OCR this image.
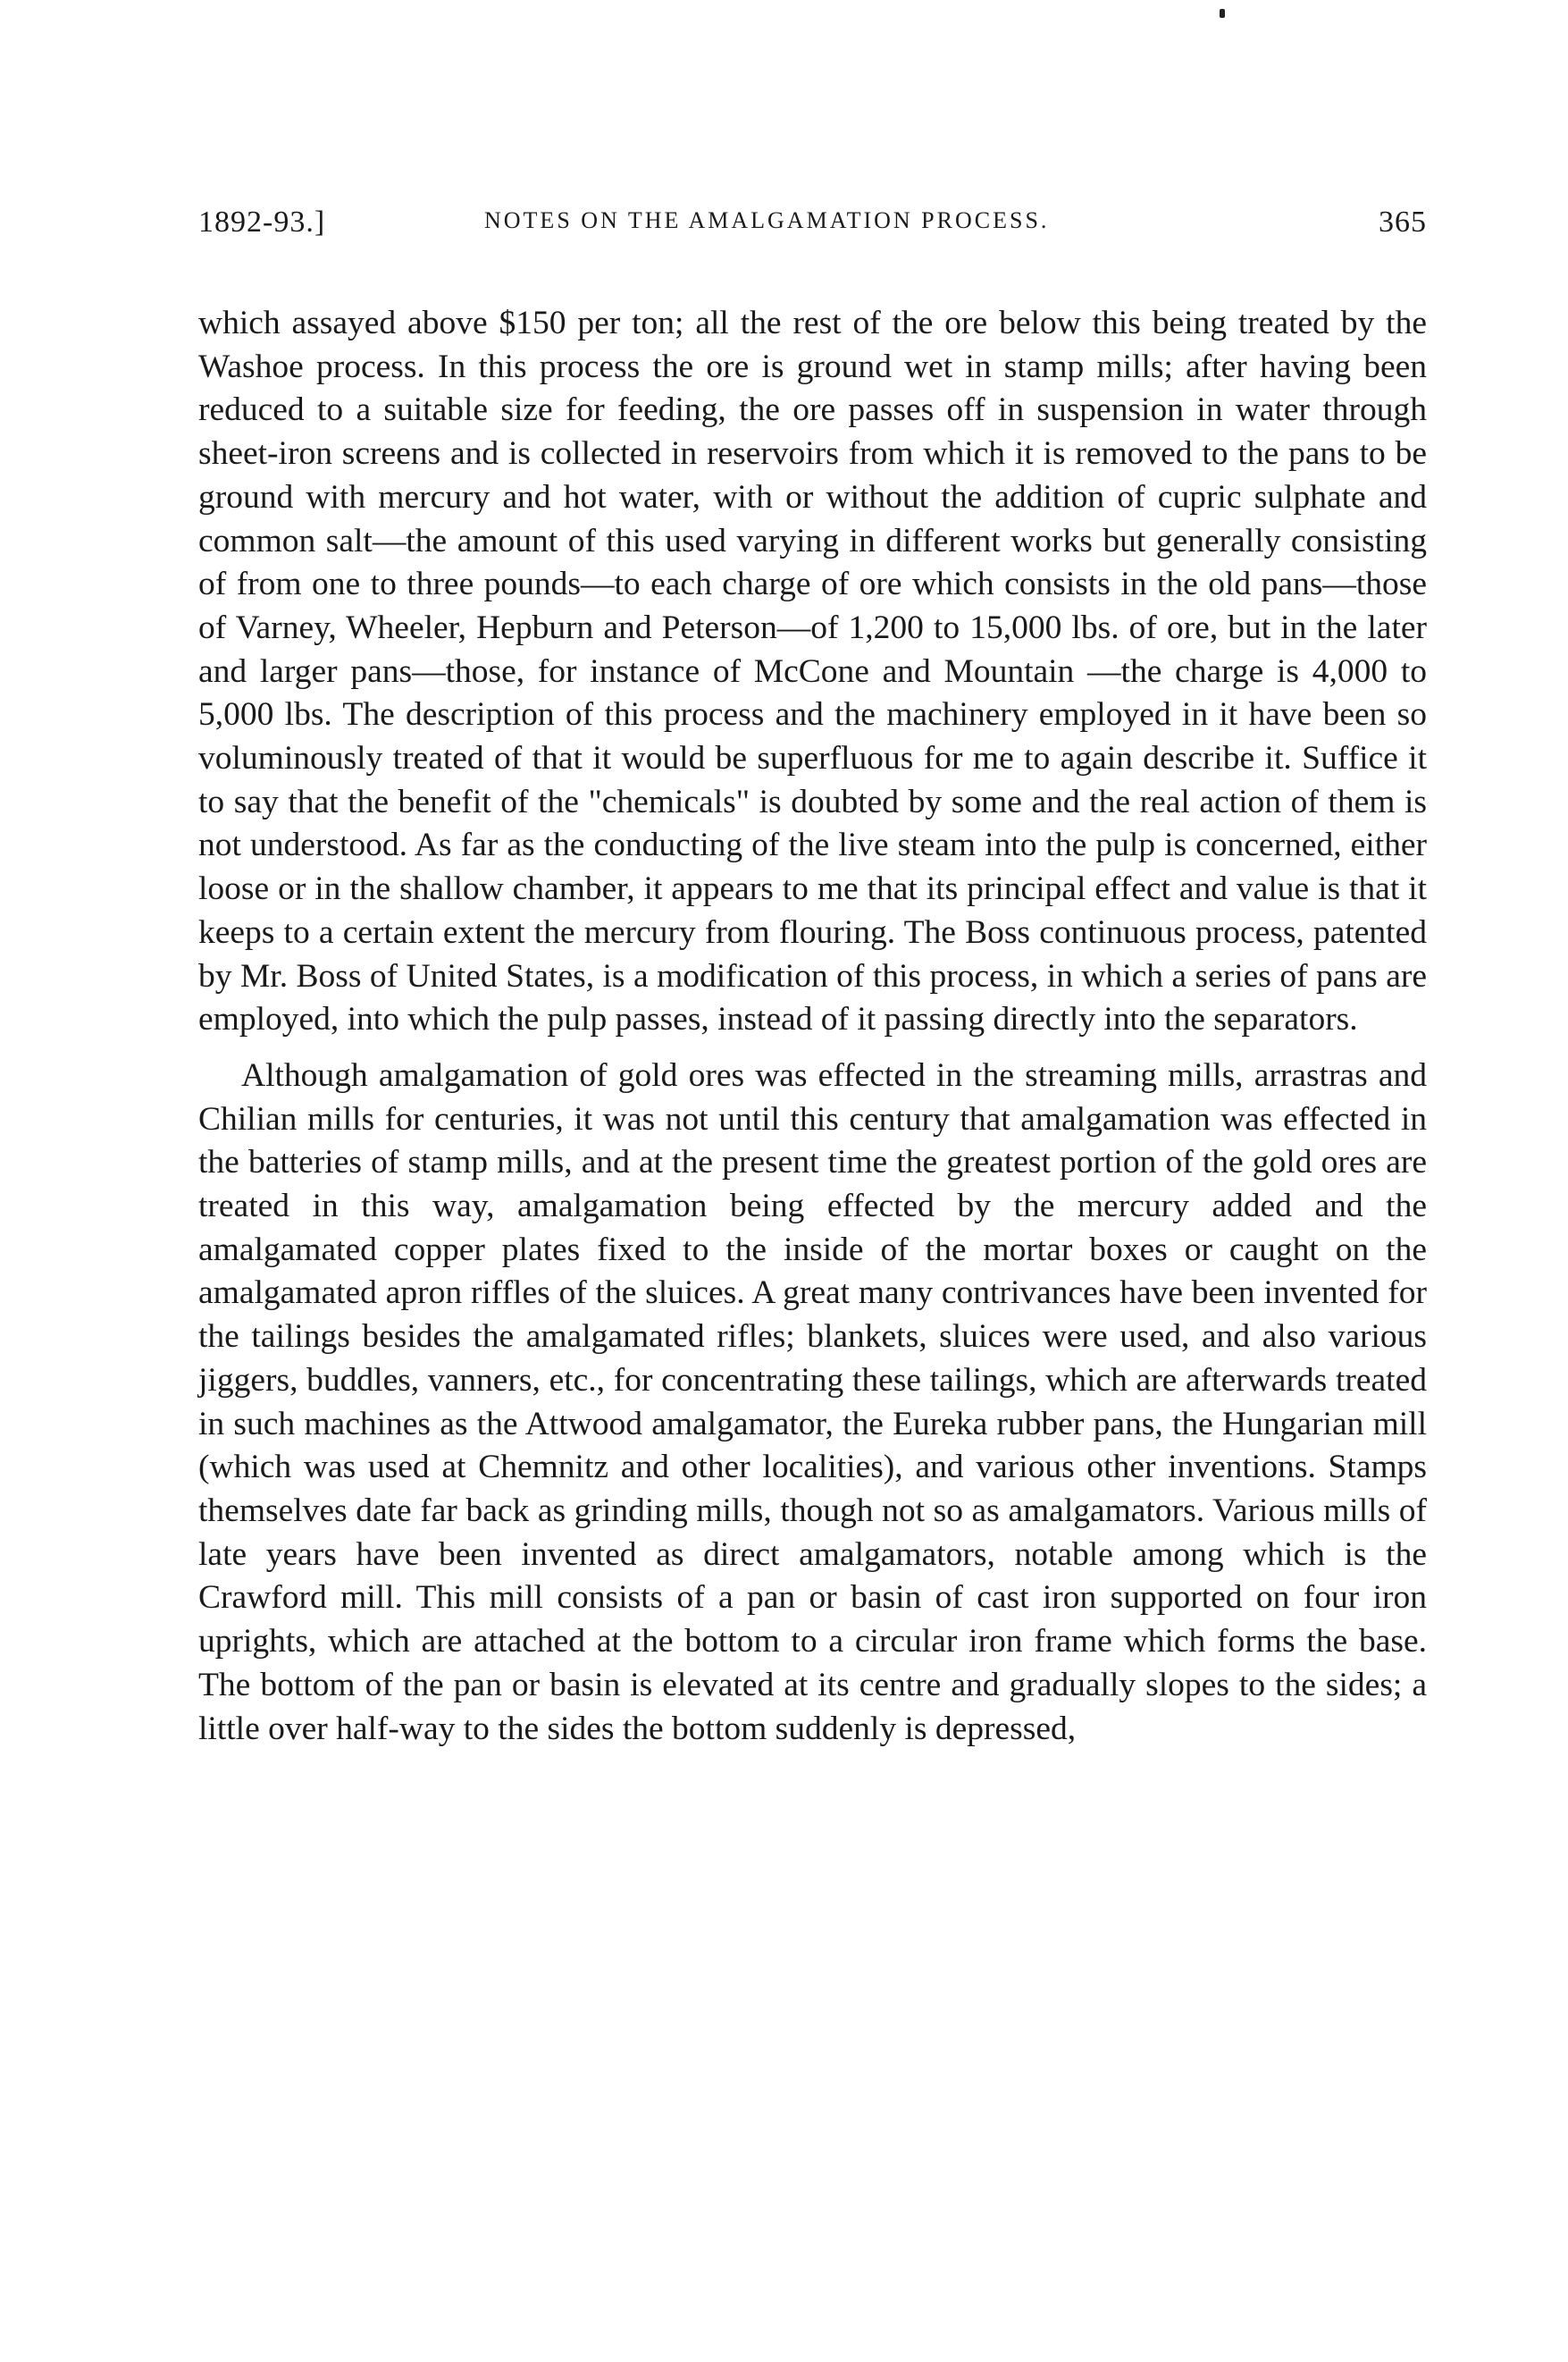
1892-93.]	NOTES ON THE AMALGAMATION PROCESS.	365

which assayed above $150 per ton; all the rest of the ore below this being treated by the Washoe process. In this process the ore is ground wet in stamp mills; after having been reduced to a suitable size for feeding, the ore passes off in suspension in water through sheet-iron screens and is collected in reservoirs from which it is removed to the pans to be ground with mercury and hot water, with or without the addition of cupric sulphate and common salt—the amount of this used varying in different works but generally consisting of from one to three pounds—to each charge of ore which consists in the old pans—those of Varney, Wheeler, Hepburn and Peterson—of 1,200 to 15,000 lbs. of ore, but in the later and larger pans—those, for instance of McCone and Mountain —the charge is 4,000 to 5,000 lbs. The description of this process and the machinery employed in it have been so voluminously treated of that it would be superfluous for me to again describe it. Suffice it to say that the benefit of the "chemicals" is doubted by some and the real action of them is not understood. As far as the conducting of the live steam into the pulp is concerned, either loose or in the shallow chamber, it appears to me that its principal effect and value is that it keeps to a certain extent the mercury from flouring. The Boss continuous process, patented by Mr. Boss of United States, is a modification of this process, in which a series of pans are employed, into which the pulp passes, instead of it passing directly into the separators.

Although amalgamation of gold ores was effected in the streaming mills, arrastras and Chilian mills for centuries, it was not until this century that amalgamation was effected in the batteries of stamp mills, and at the present time the greatest portion of the gold ores are treated in this way, amalgamation being effected by the mercury added and the amalgamated copper plates fixed to the inside of the mortar boxes or caught on the amalgamated apron riffles of the sluices. A great many contrivances have been invented for the tailings besides the amalgamated rifles; blankets, sluices were used, and also various jiggers, buddles, vanners, etc., for concentrating these tailings, which are afterwards treated in such machines as the Attwood amalgamator, the Eureka rubber pans, the Hungarian mill (which was used at Chemnitz and other localities), and various other inventions. Stamps themselves date far back as grinding mills, though not so as amalgamators. Various mills of late years have been invented as direct amalgamators, notable among which is the Crawford mill. This mill consists of a pan or basin of cast iron supported on four iron uprights, which are attached at the bottom to a circular iron frame which forms the base. The bottom of the pan or basin is elevated at its centre and gradually slopes to the sides; a little over half-way to the sides the bottom suddenly is depressed,
